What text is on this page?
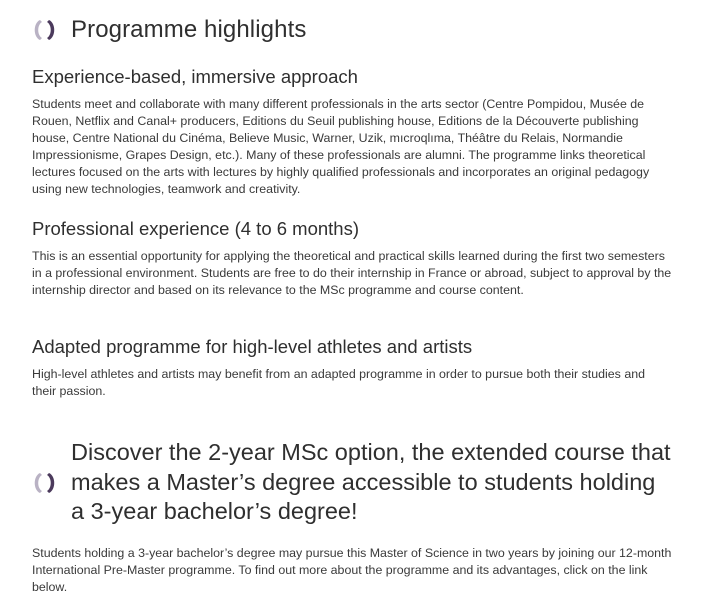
Programme highlights
Experience-based, immersive approach

Students meet and collaborate with many different professionals in the arts sector (Centre Pompidou, Musée de Rouen, Netflix and Canal+ producers, Editions du Seuil publishing house, Editions de la Découverte publishing house, Centre National du Cinéma, Believe Music, Warner, Uzik, mıcroqlıma, Théâtre du Relais, Normandie Impressionisme, Grapes Design, etc.). Many of these professionals are alumni. The programme links theoretical lectures focused on the arts with lectures by highly qualified professionals and incorporates an original pedagogy using new technologies, teamwork and creativity.

Professional experience (4 to 6 months)

This is an essential opportunity for applying the theoretical and practical skills learned during the first two semesters in a professional environment. Students are free to do their internship in France or abroad, subject to approval by the internship director and based on its relevance to the MSc programme and course content.

Adapted programme for high-level athletes and artists

High-level athletes and artists may benefit from an adapted programme in order to pursue both their studies and their passion.

Discover the 2-year MSc option, the extended course that makes a Master’s degree accessible to students holding a 3-year bachelor’s degree!

Students holding a 3-year bachelor’s degree may pursue this Master of Science in two years by joining our 12-month International Pre-Master programme. To find out more about the programme and its advantages, click on the link below.
